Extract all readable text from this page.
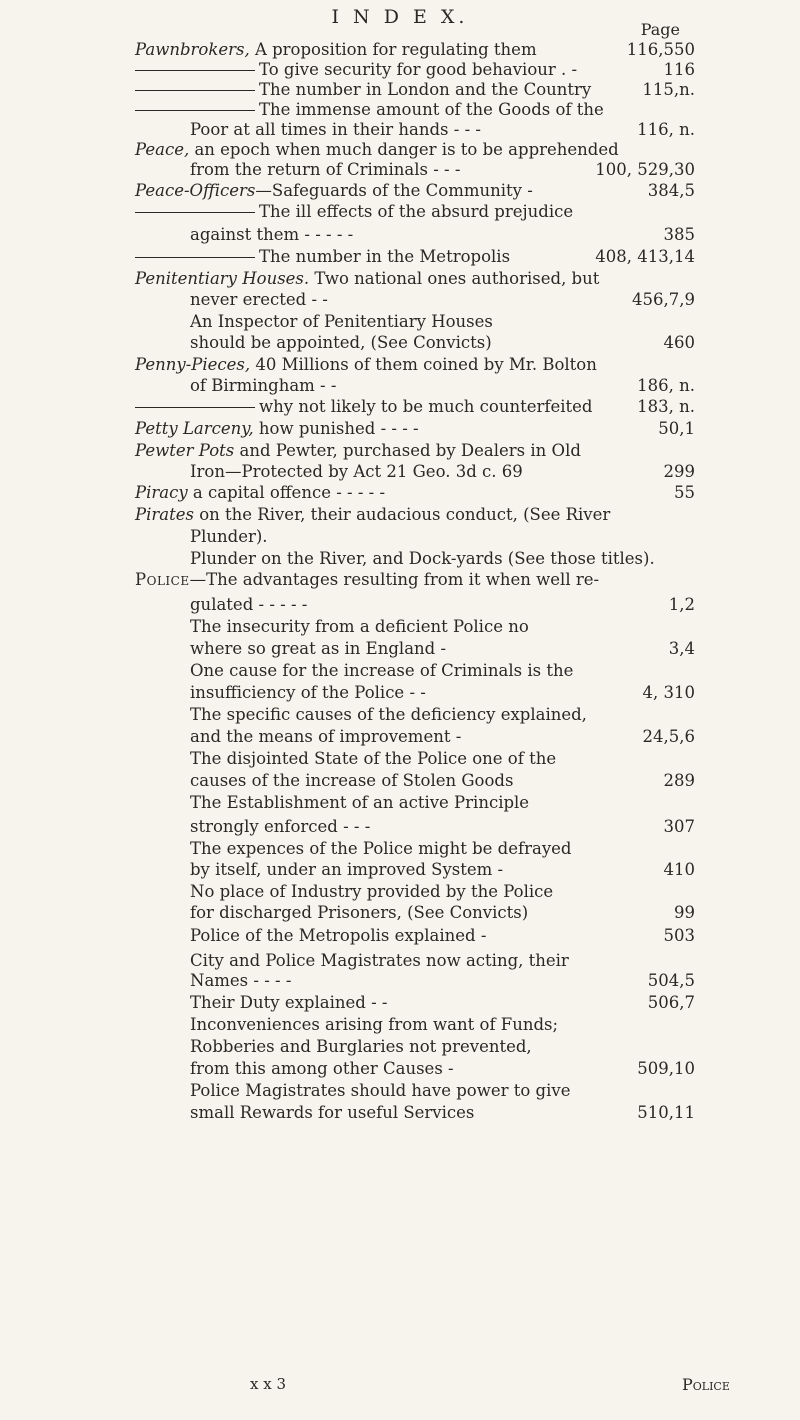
I N D E X.
Page
Pawnbrokers, A proposition for regulating them	116,550
To give security for good behaviour . -	116
The number in London and the Country	115,n.
The immense amount of the Goods of the
Poor at all times in their hands - - -	116, n.
Peace, an epoch when much danger is to be apprehended
from the return of Criminals - - -	100, 529,30
Peace-Officers—Safeguards of the Community -	384,5
The ill effects of the absurd prejudice
against them - - - - -	385
The number in the Metropolis	408, 413,14
Penitentiary Houses. Two national ones authorised, but
never erected - -	456,7,9
An Inspector of Penitentiary Houses
should be appointed, (See Convicts)	460
Penny-Pieces, 40 Millions of them coined by Mr. Bolton
of Birmingham - -	186, n.
why not likely to be much counterfeited	183, n.
Petty Larceny, how punished - - - -	50,1
Pewter Pots and Pewter, purchased by Dealers in Old
Iron—Protected by Act 21 Geo. 3d c. 69	299
Piracy a capital offence - - - - -	55
Pirates on the River, their audacious conduct, (See River
Plunder).
Plunder on the River, and Dock-yards (See those titles).
Police—The advantages resulting from it when well re-
gulated - - - - -	1,2
The insecurity from a deficient Police no
where so great as in England -	3,4
One cause for the increase of Criminals is the
insufficiency of the Police - -	4, 310
The specific causes of the deficiency explained,
and the means of improvement -	24,5,6
The disjointed State of the Police one of the
causes of the increase of Stolen Goods	289
The Establishment of an active Principle
strongly enforced - - -	307
The expences of the Police might be defrayed
by itself, under an improved System -	410
No place of Industry provided by the Police
for discharged Prisoners, (See Convicts)	99
Police of the Metropolis explained -	503
City and Police Magistrates now acting, their
Names - - - -	504,5
Their Duty explained - -	506,7
Inconveniences arising from want of Funds;
Robberies and Burglaries not prevented,
from this among other Causes -	509,10
Police Magistrates should have power to give
small Rewards for useful Services	510,11
x x 3	Police
